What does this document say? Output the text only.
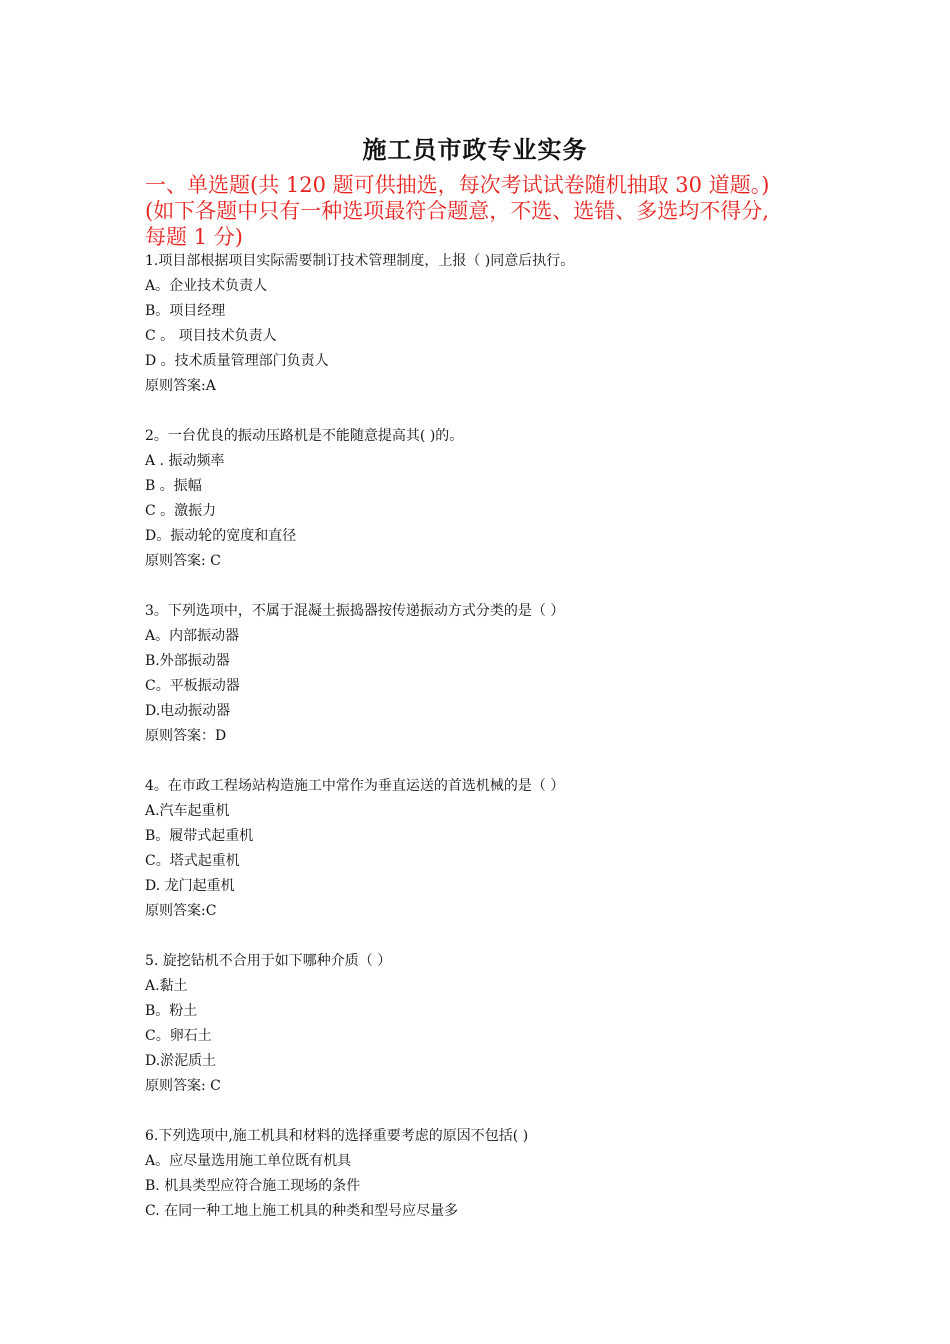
施工员市政专业实务
一、单选题(共 120 题可供抽选，每次考试试卷随机抽取 30 道题。)
(如下各题中只有一种选项最符合题意，不选、选错、多选均不得分,
每题 1 分)
1.项目部根据项目实际需要制订技术管理制度，上报（ )同意后执行。
A。企业技术负责人
B。项目经理
C 。 项目技术负责人
D 。技术质量管理部门负责人
原则答案:A
2。一台优良的振动压路机是不能随意提高其( )的。
A . 振动频率
B 。振幅
C 。激振力
D。振动轮的宽度和直径
原则答案: C
3。下列选项中，不属于混凝土振捣器按传递振动方式分类的是（ ）
A。内部振动器
B.外部振动器
C。平板振动器
D.电动振动器
原则答案：D
4。在市政工程场站构造施工中常作为垂直运送的首选机械的是（ ）
A.汽车起重机
B。履带式起重机
C。塔式起重机
D. 龙门起重机
原则答案:C
5. 旋挖钻机不合用于如下哪种介质（ ）
A.黏土
B。粉土
C。卵石土
D.淤泥质土
原则答案: C
6.下列选项中,施工机具和材料的选择重要考虑的原因不包括( )
A。应尽量选用施工单位既有机具
B. 机具类型应符合施工现场的条件
C. 在同一种工地上施工机具的种类和型号应尽量多
